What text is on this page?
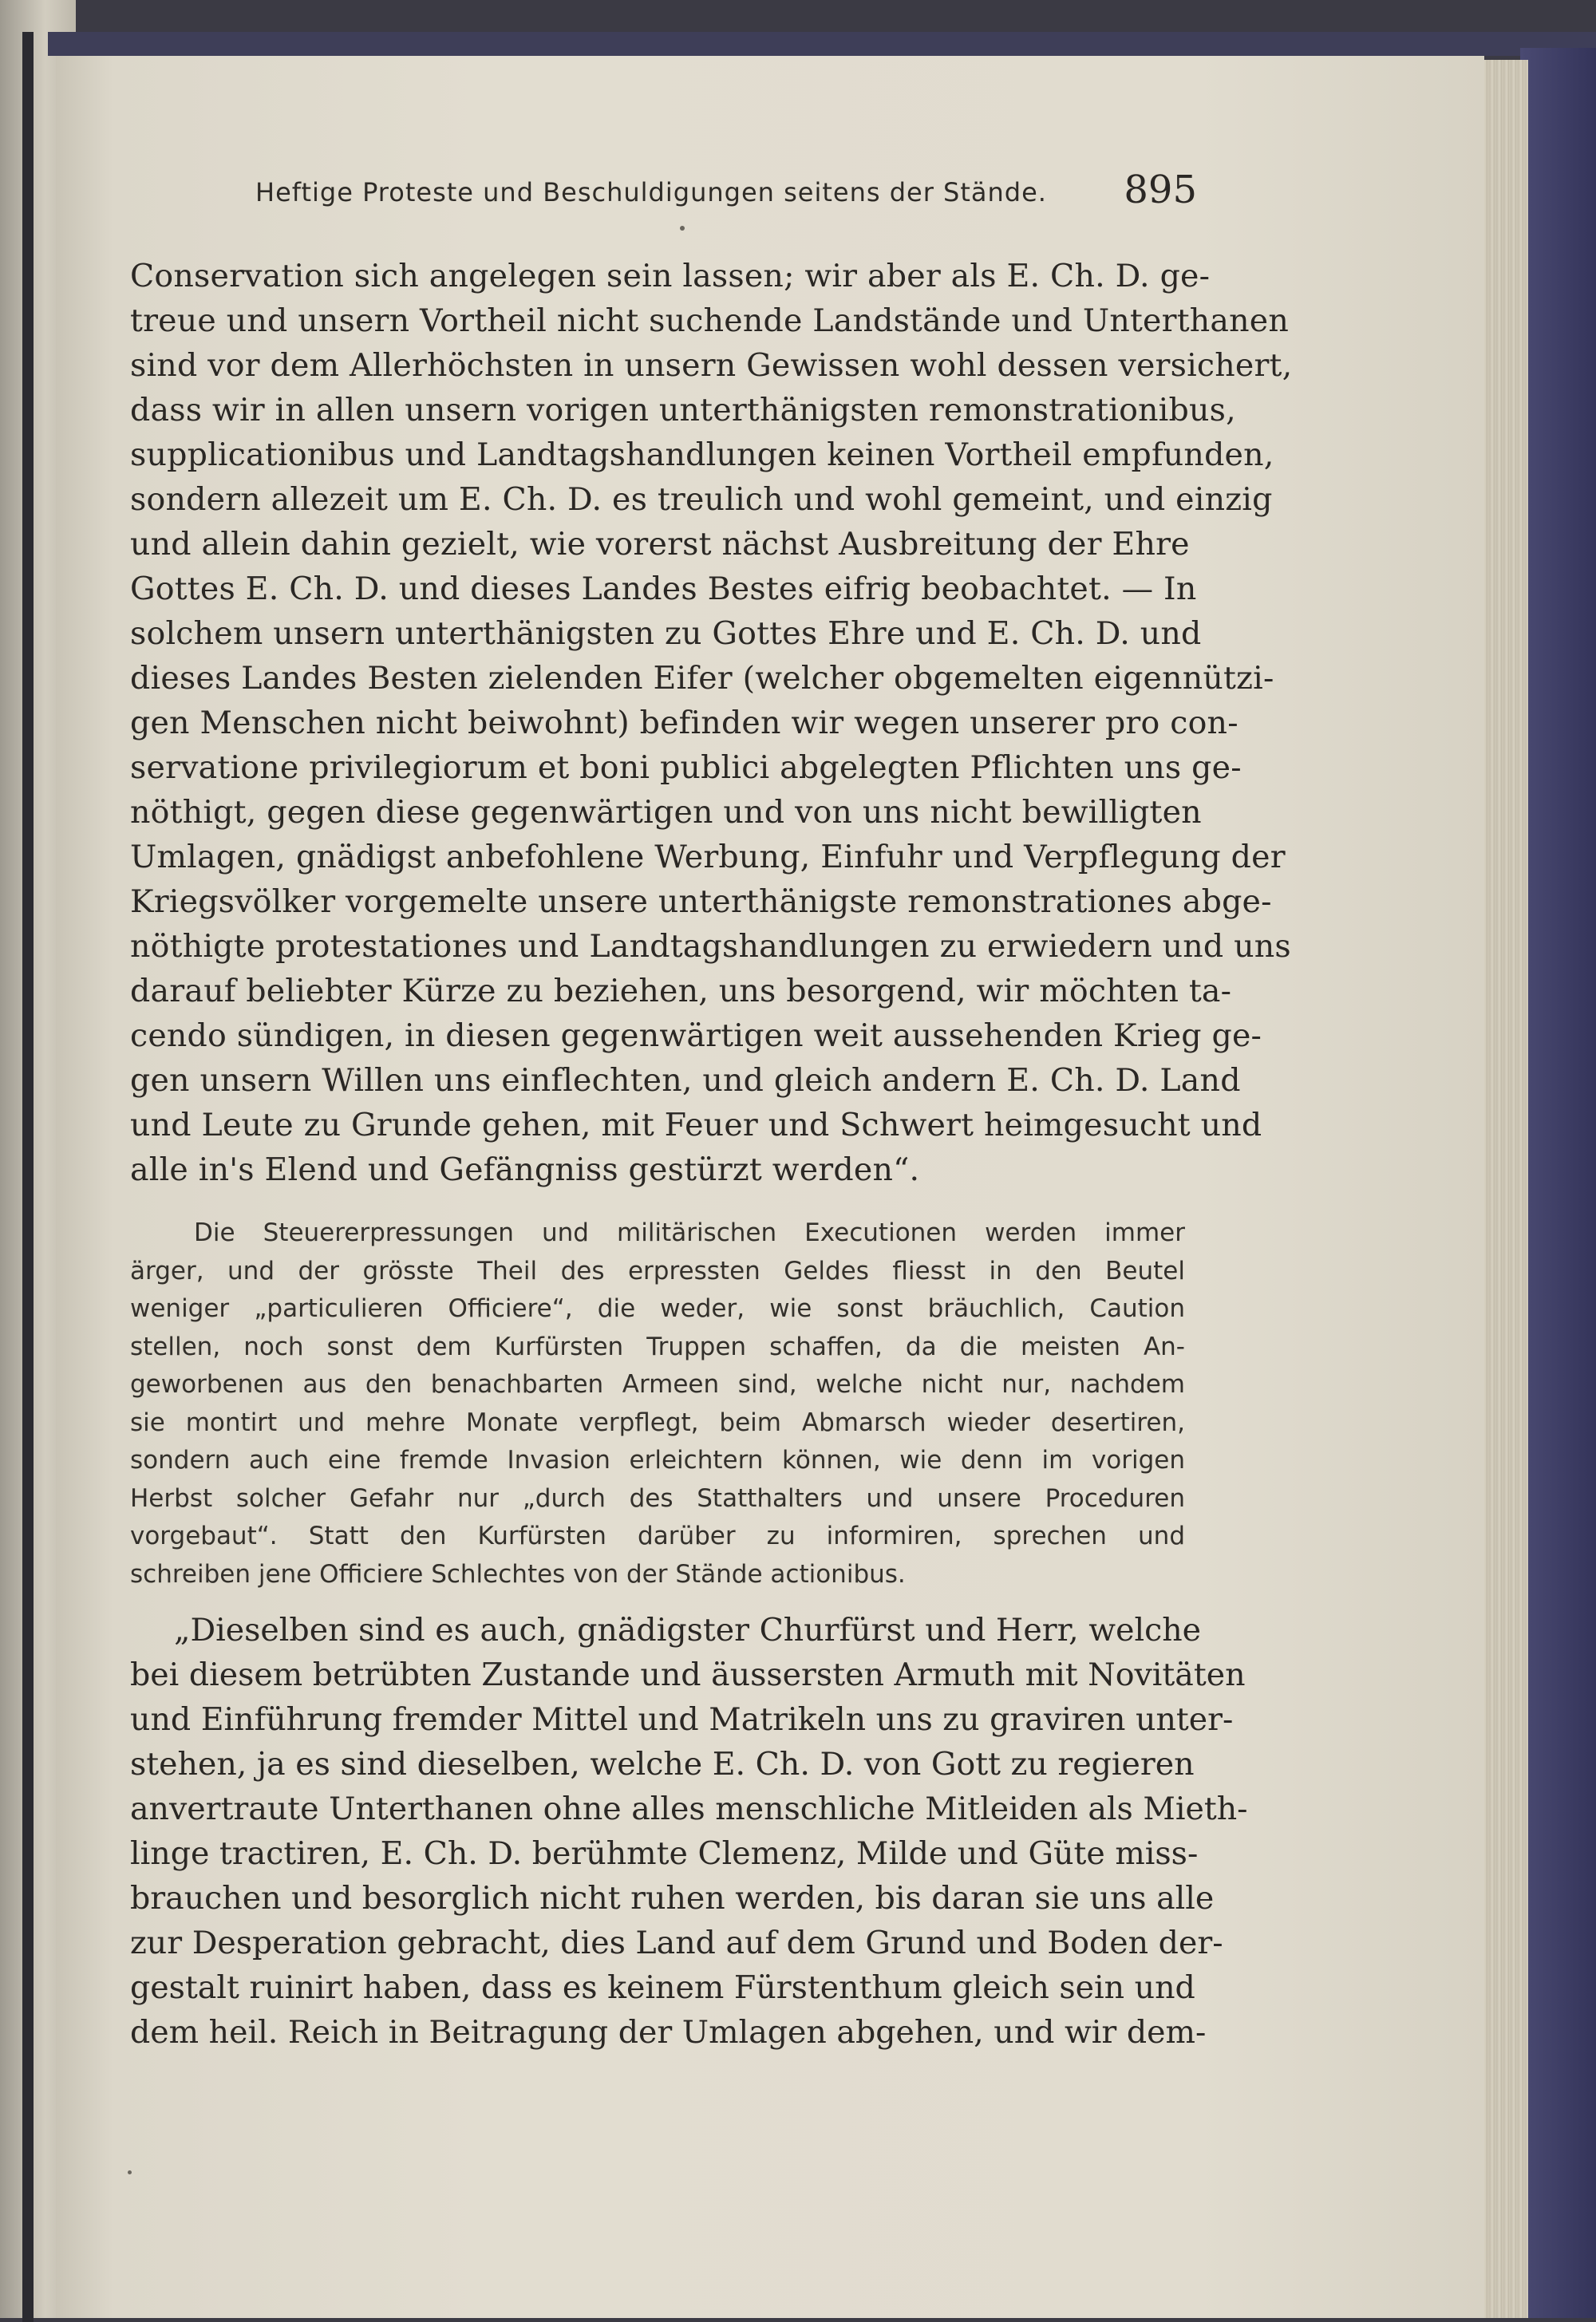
Heftige Proteste und Beschuldigungen seitens der Stände. 895
Conservation sich angelegen sein lassen; wir aber als E. Ch. D. ge-
treue und unsern Vortheil nicht suchende Landstände und Unterthanen
sind vor dem Allerhöchsten in unsern Gewissen wohl dessen versichert,
dass wir in allen unsern vorigen unterthänigsten remonstrationibus,
supplicationibus und Landtagshandlungen keinen Vortheil empfunden,
sondern allezeit um E. Ch. D. es treulich und wohl gemeint, und einzig
und allein dahin gezielt, wie vorerst nächst Ausbreitung der Ehre
Gottes E. Ch. D. und dieses Landes Bestes eifrig beobachtet. — In
solchem unsern unterthänigsten zu Gottes Ehre und E. Ch. D. und
dieses Landes Besten zielenden Eifer (welcher obgemelten eigennützi-
gen Menschen nicht beiwohnt) befinden wir wegen unserer pro con-
servatione privilegiorum et boni publici abgelegten Pflichten uns ge-
nöthigt, gegen diese gegenwärtigen und von uns nicht bewilligten
Umlagen, gnädigst anbefohlene Werbung, Einfuhr und Verpflegung der
Kriegsvölker vorgemelte unsere unterthänigste remonstrationes abge-
nöthigte protestationes und Landtagshandlungen zu erwiedern und uns
darauf beliebter Kürze zu beziehen, uns besorgend, wir möchten ta-
cendo sündigen, in diesen gegenwärtigen weit aussehenden Krieg ge-
gen unsern Willen uns einflechten, und gleich andern E. Ch. D. Land
und Leute zu Grunde gehen, mit Feuer und Schwert heimgesucht und
alle in's Elend und Gefängniss gestürzt werden“.
Die Steuererpressungen und militärischen Executionen werden immer
ärger, und der grösste Theil des erpressten Geldes fliesst in den Beutel
weniger „particulieren Officiere“, die weder, wie sonst bräuchlich, Caution
stellen, noch sonst dem Kurfürsten Truppen schaffen, da die meisten An-
geworbenen aus den benachbarten Armeen sind, welche nicht nur, nachdem
sie montirt und mehre Monate verpflegt, beim Abmarsch wieder desertiren,
sondern auch eine fremde Invasion erleichtern können, wie denn im vorigen
Herbst solcher Gefahr nur „durch des Statthalters und unsere Proceduren
vorgebaut“. Statt den Kurfürsten darüber zu informiren, sprechen und
schreiben jene Officiere Schlechtes von der Stände actionibus.
„Dieselben sind es auch, gnädigster Churfürst und Herr, welche
bei diesem betrübten Zustande und äussersten Armuth mit Novitäten
und Einführung fremder Mittel und Matrikeln uns zu graviren unter-
stehen, ja es sind dieselben, welche E. Ch. D. von Gott zu regieren
anvertraute Unterthanen ohne alles menschliche Mitleiden als Mieth-
linge tractiren, E. Ch. D. berühmte Clemenz, Milde und Güte miss-
brauchen und besorglich nicht ruhen werden, bis daran sie uns alle
zur Desperation gebracht, dies Land auf dem Grund und Boden der-
gestalt ruinirt haben, dass es keinem Fürstenthum gleich sein und
dem heil. Reich in Beitragung der Umlagen abgehen, und wir dem-
